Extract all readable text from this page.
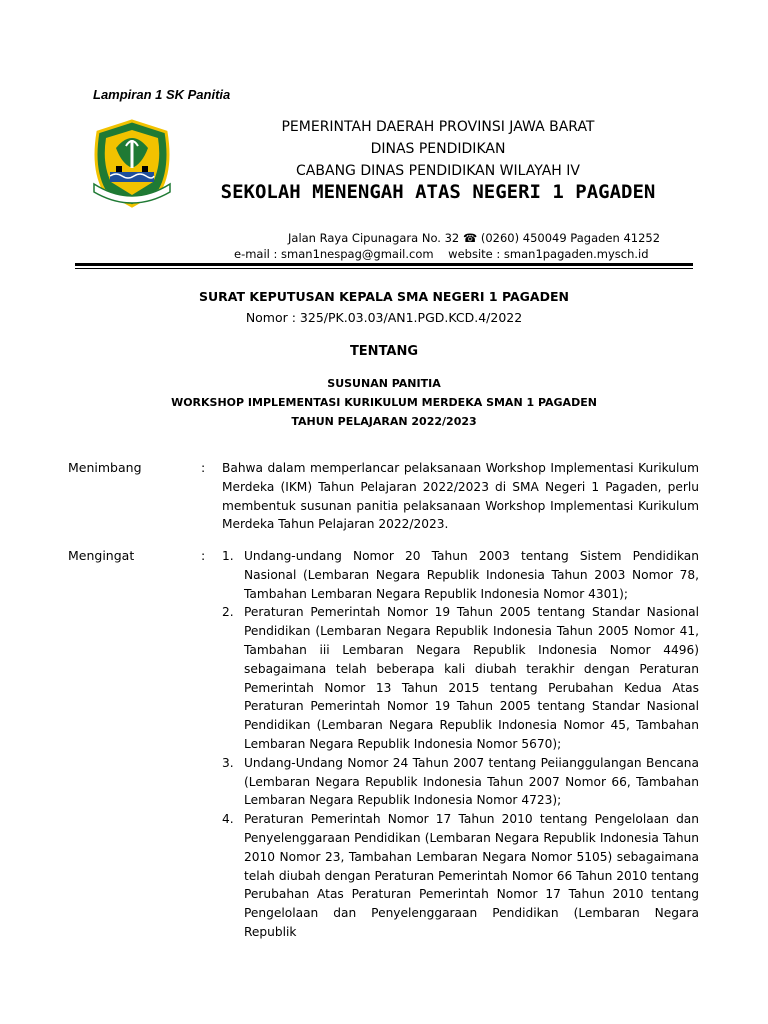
Lampiran 1 SK Panitia
PEMERINTAH DAERAH PROVINSI JAWA BARAT
DINAS PENDIDIKAN
CABANG DINAS PENDIDIKAN WILAYAH IV
SEKOLAH MENENGAH ATAS NEGERI 1 PAGADEN
Jalan Raya Cipunagara No. 32 ☎ (0260) 450049 Pagaden 41252
e-mail : sman1nespag@gmail.com    website : sman1pagaden.mysch.id
SURAT KEPUTUSAN KEPALA SMA NEGERI 1 PAGADEN
Nomor : 325/PK.03.03/AN1.PGD.KCD.4/2022
TENTANG
SUSUNAN PANITIA
WORKSHOP IMPLEMENTASI KURIKULUM MERDEKA SMAN 1 PAGADEN
TAHUN PELAJARAN 2022/2023
Menimbang	: Bahwa dalam memperlancar pelaksanaan Workshop Implementasi Kurikulum Merdeka (IKM) Tahun Pelajaran 2022/2023 di SMA Negeri 1 Pagaden, perlu membentuk susunan panitia pelaksanaan Workshop Implementasi Kurikulum Merdeka Tahun Pelajaran 2022/2023.
Mengingat	: 1. Undang-undang Nomor 20 Tahun 2003 tentang Sistem Pendidikan Nasional (Lembaran Negara Republik Indonesia Tahun 2003 Nomor 78, Tambahan Lembaran Negara Republik Indonesia Nomor 4301);
2. Peraturan Pemerintah Nomor 19 Tahun 2005 tentang Standar Nasional Pendidikan (Lembaran Negara Republik Indonesia Tahun 2005 Nomor 41, Tambahan iii Lembaran Negara Republik Indonesia Nomor 4496) sebagaimana telah beberapa kali diubah terakhir dengan Peraturan Pemerintah Nomor 13 Tahun 2015 tentang Perubahan Kedua Atas Peraturan Pemerintah Nomor 19 Tahun 2005 tentang Standar Nasional Pendidikan (Lembaran Negara Republik Indonesia Nomor 45, Tambahan Lembaran Negara Republik Indonesia Nomor 5670);
3. Undang-Undang Nomor 24 Tahun 2007 tentang Peiianggulangan Bencana (Lembaran Negara Republik Indonesia Tahun 2007 Nomor 66, Tambahan Lembaran Negara Republik Indonesia Nomor 4723);
4. Peraturan Pemerintah Nomor 17 Tahun 2010 tentang Pengelolaan dan Penyelenggaraan Pendidikan (Lembaran Negara Republik Indonesia Tahun 2010 Nomor 23, Tambahan Lembaran Negara Nomor 5105) sebagaimana telah diubah dengan Peraturan Pemerintah Nomor 66 Tahun 2010 tentang Perubahan Atas Peraturan Pemerintah Nomor 17 Tahun 2010 tentang Pengelolaan dan Penyelenggaraan Pendidikan (Lembaran Negara Republik
